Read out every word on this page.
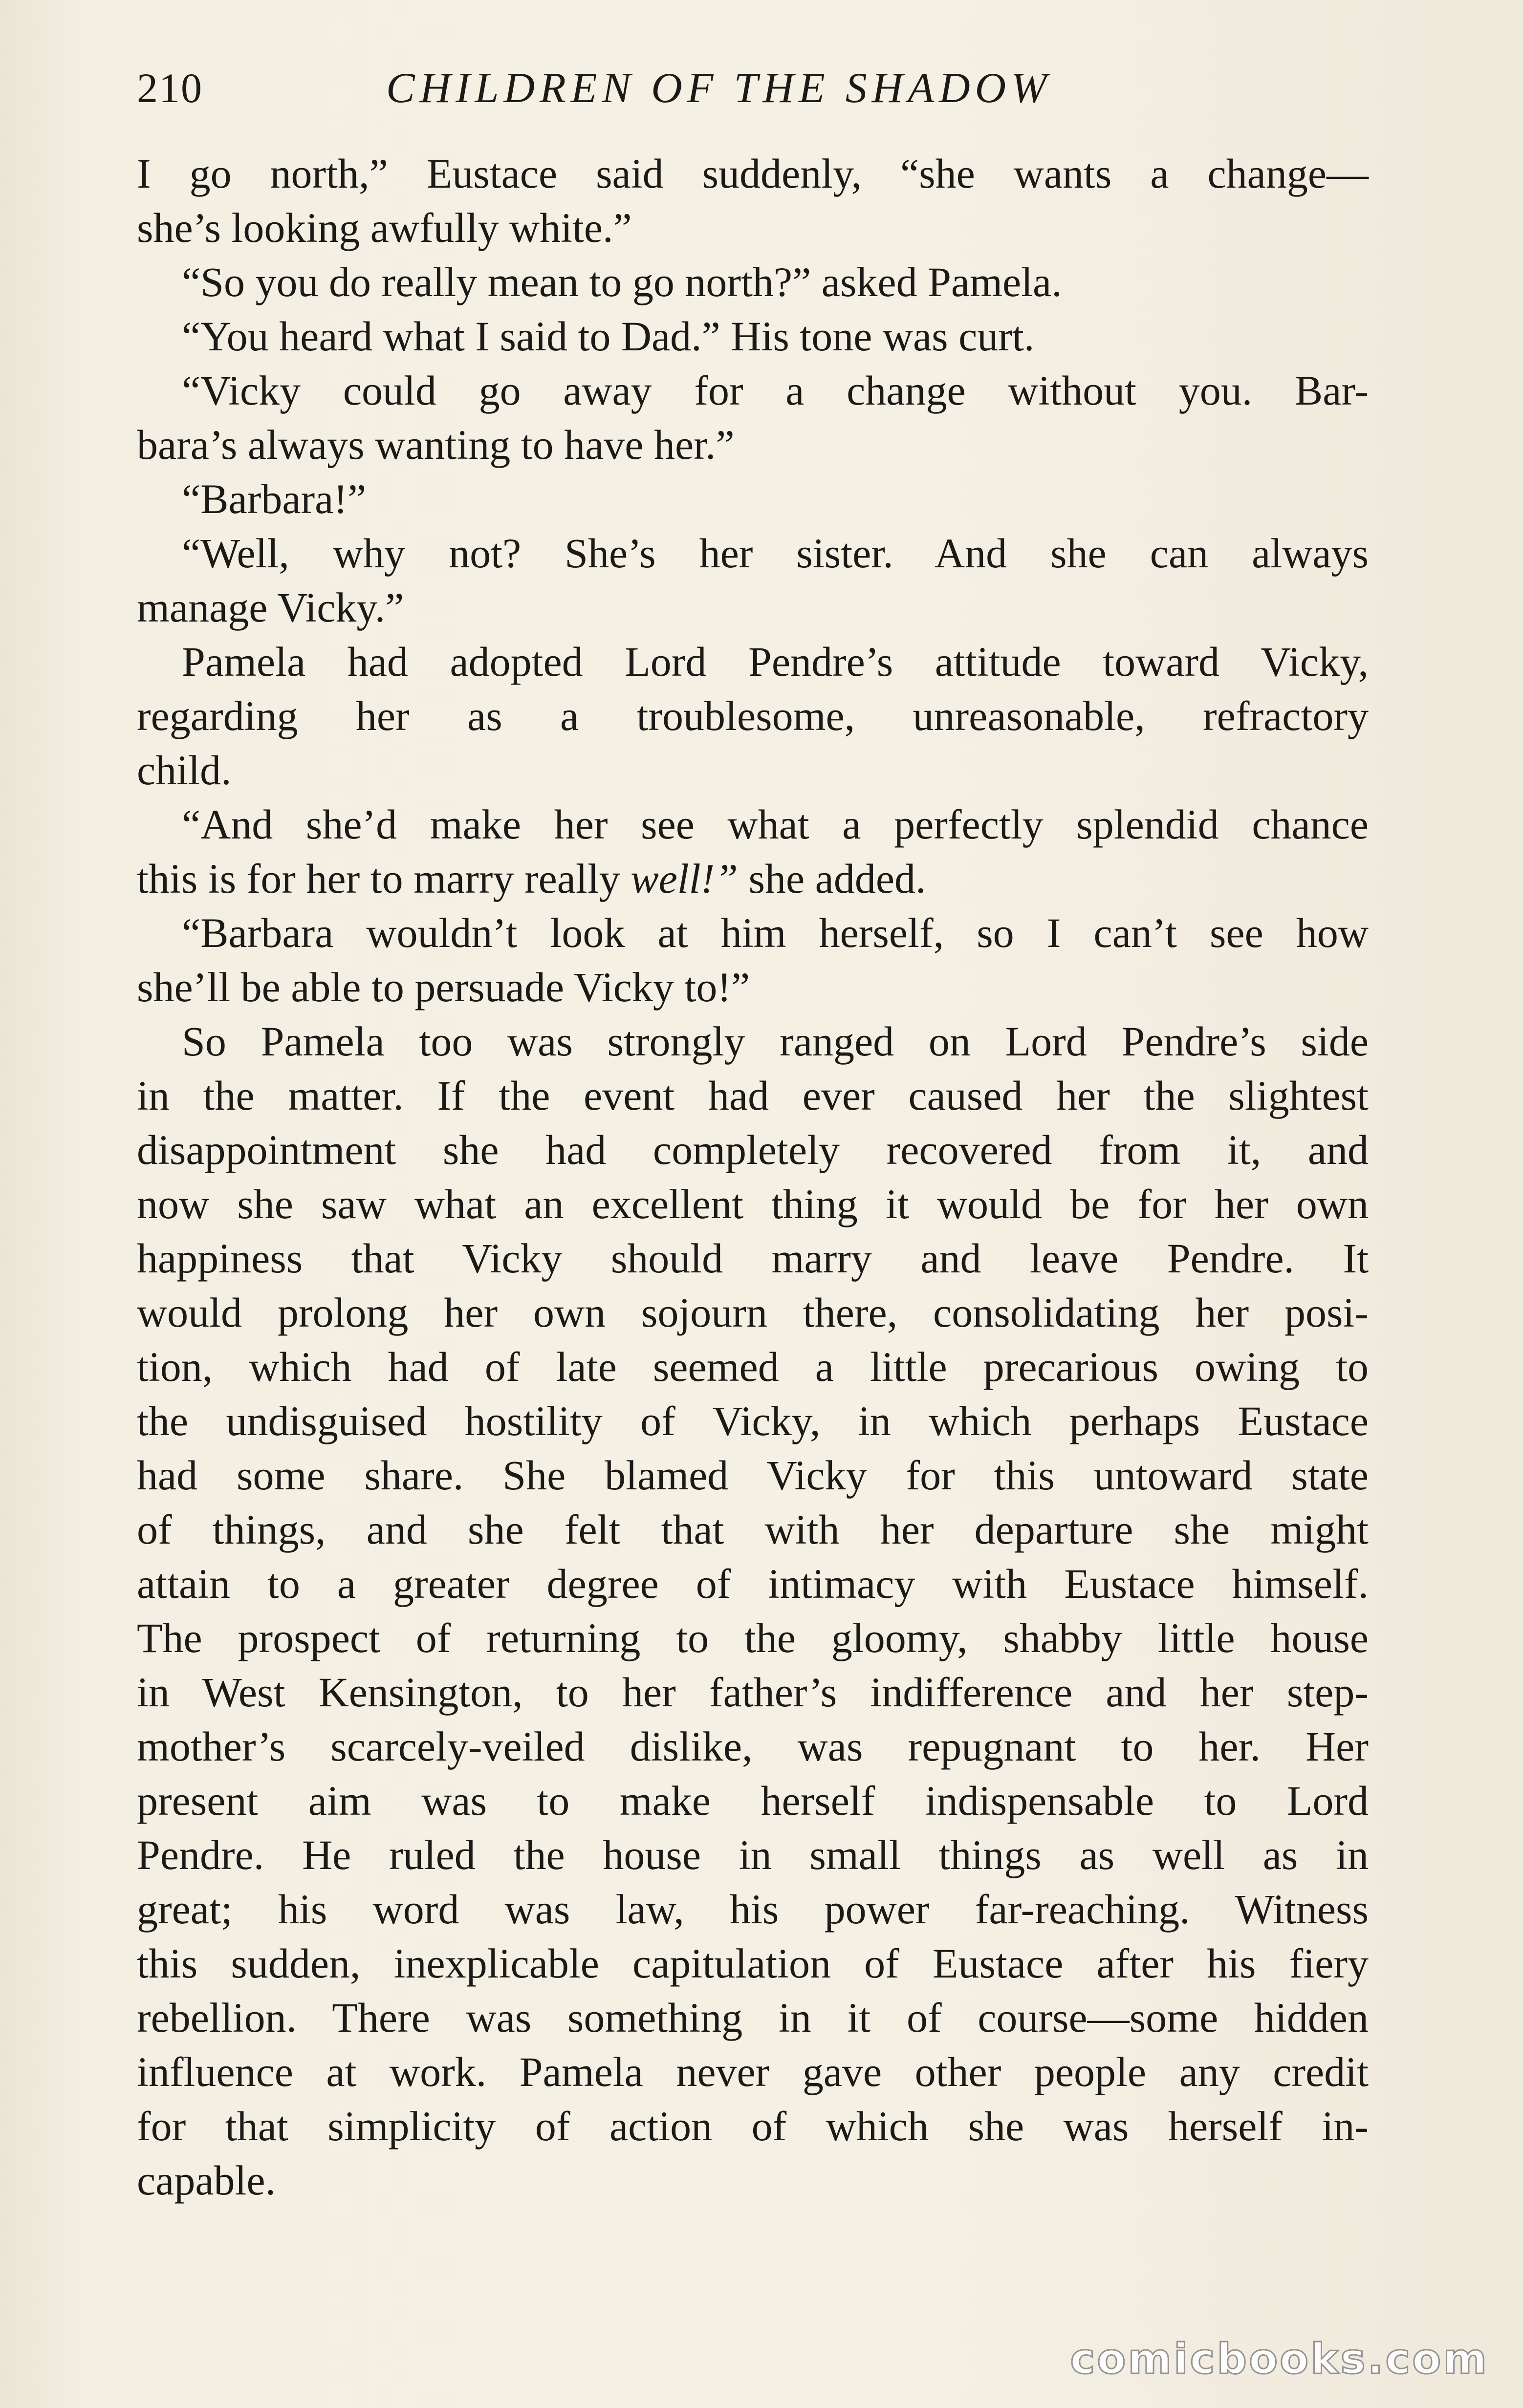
210	CHILDREN OF THE SHADOW
I go north,” Eustace said suddenly, “she wants a change—
she’s looking awfully white.”
“So you do really mean to go north?” asked Pamela.
“You heard what I said to Dad.” His tone was curt.
“Vicky could go away for a change without you. Bar-
bara’s always wanting to have her.”
“Barbara!”
“Well, why not? She’s her sister. And she can always
manage Vicky.”
Pamela had adopted Lord Pendre’s attitude toward Vicky,
regarding her as a troublesome, unreasonable, refractory
child.
“And she’d make her see what a perfectly splendid chance
this is for her to marry really well!” she added.
“Barbara wouldn’t look at him herself, so I can’t see how
she’ll be able to persuade Vicky to!”
So Pamela too was strongly ranged on Lord Pendre’s side
in the matter. If the event had ever caused her the slightest
disappointment she had completely recovered from it, and
now she saw what an excellent thing it would be for her own
happiness that Vicky should marry and leave Pendre. It
would prolong her own sojourn there, consolidating her posi-
tion, which had of late seemed a little precarious owing to
the undisguised hostility of Vicky, in which perhaps Eustace
had some share. She blamed Vicky for this untoward state
of things, and she felt that with her departure she might
attain to a greater degree of intimacy with Eustace himself.
The prospect of returning to the gloomy, shabby little house
in West Kensington, to her father’s indifference and her step-
mother’s scarcely-veiled dislike, was repugnant to her. Her
present aim was to make herself indispensable to Lord
Pendre. He ruled the house in small things as well as in
great; his word was law, his power far-reaching. Witness
this sudden, inexplicable capitulation of Eustace after his fiery
rebellion. There was something in it of course—some hidden
influence at work. Pamela never gave other people any credit
for that simplicity of action of which she was herself in-
capable.
comicbooks.com
